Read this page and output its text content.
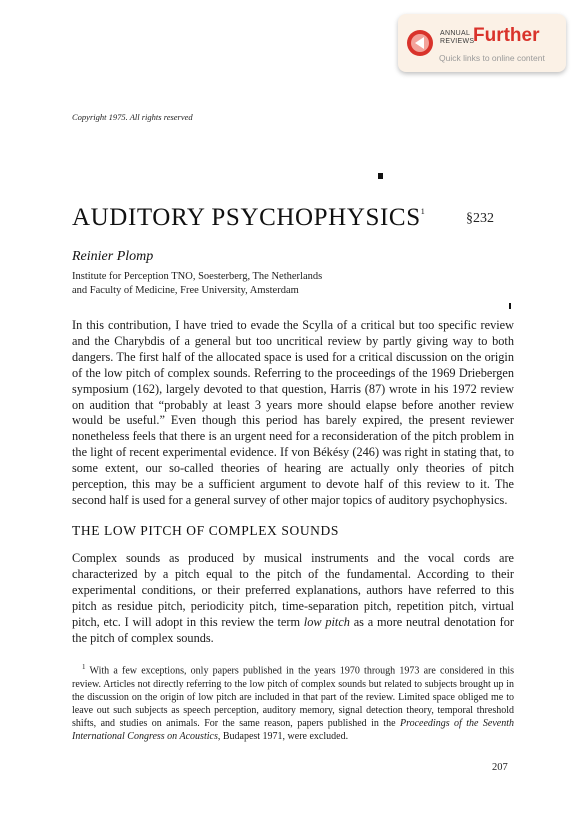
ANNUAL
REVIEWS
Further
Quick links to online content
Copyright 1975. All rights reserved
AUDITORY PSYCHOPHYSICS$^1$	§232
Reinier Plomp
Institute for Perception TNO, Soesterberg, The Netherlands
and Faculty of Medicine, Free University, Amsterdam

In this contribution, I have tried to evade the Scylla of a critical but too specific review and the Charybdis of a general but too uncritical review by partly giving way to both dangers. The first half of the allocated space is used for a critical discussion on the origin of the low pitch of complex sounds. Referring to the proceedings of the 1969 Driebergen symposium (162), largely devoted to that question, Harris (87) wrote in his 1972 review on audition that “probably at least 3 years more should elapse before another review would be useful.” Even though this period has barely expired, the present reviewer nonetheless feels that there is an urgent need for a reconsideration of the pitch problem in the light of recent experimental evidence. If von Békésy (246) was right in stating that, to some extent, our so-called theories of hearing are actually only theories of pitch perception, this may be a sufficient argument to devote half of this review to it. The second half is used for a general survey of other major topics of auditory psychophysics.

THE LOW PITCH OF COMPLEX SOUNDS

Complex sounds as produced by musical instruments and the vocal cords are characterized by a pitch equal to the pitch of the fundamental. According to their experimental conditions, or their preferred explanations, authors have referred to this pitch as residue pitch, periodicity pitch, time-separation pitch, repetition pitch, virtual pitch, etc. I will adopt in this review the term low pitch as a more neutral denotation for the pitch of complex sounds.

$^1$ With a few exceptions, only papers published in the years 1970 through 1973 are considered in this review. Articles not directly referring to the low pitch of complex sounds but related to subjects brought up in the discussion on the origin of low pitch are included in that part of the review. Limited space obliged me to leave out such subjects as speech perception, auditory memory, signal detection theory, temporal threshold shifts, and studies on animals. For the same reason, papers published in the Proceedings of the Seventh International Congress on Acoustics, Budapest 1971, were excluded.

207
